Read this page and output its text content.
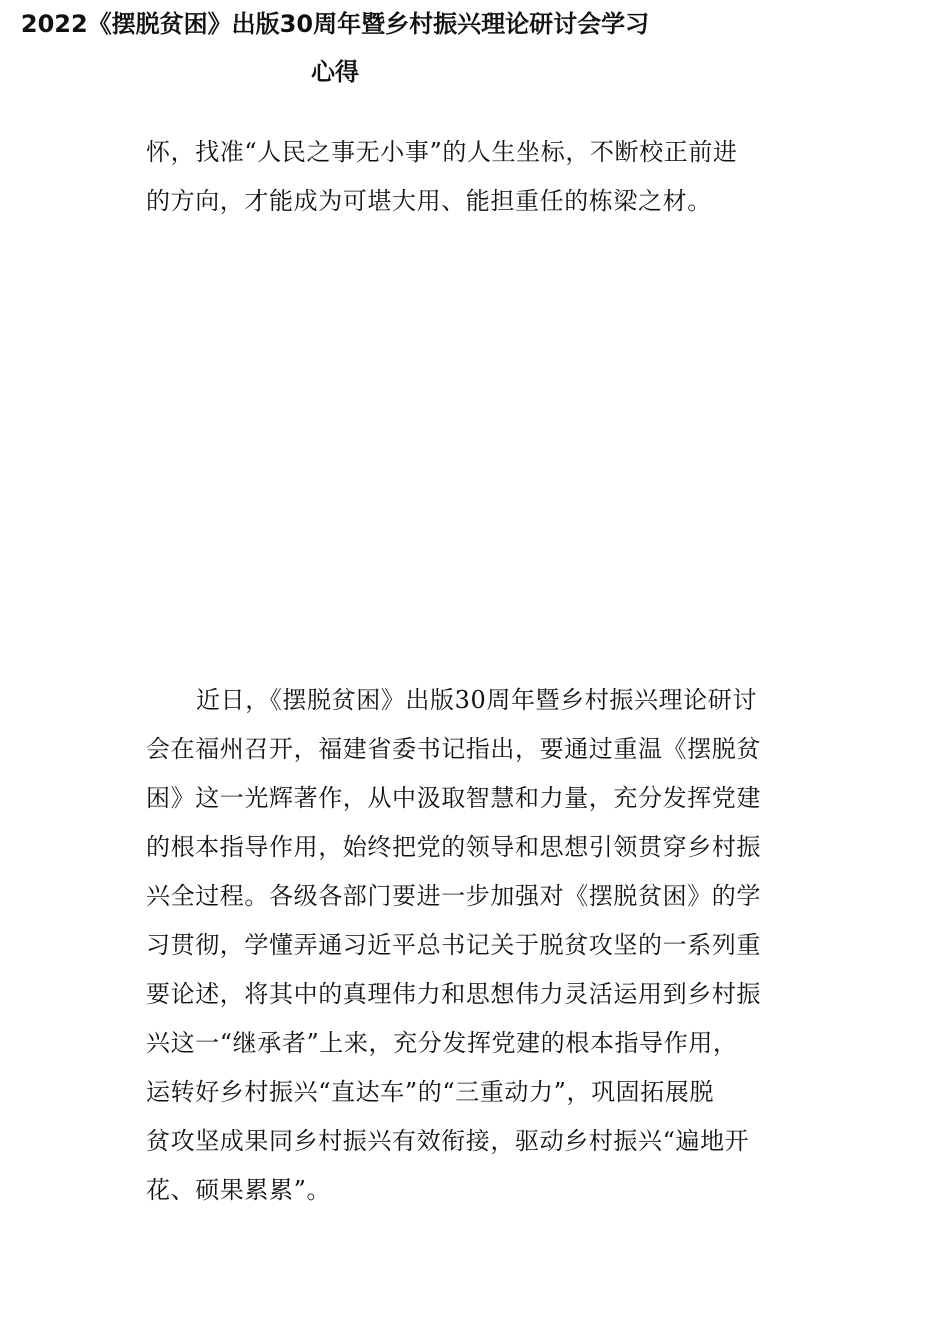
怀，找准“人民之事无小事”的人生坐标，不断校正前进
的方向，才能成为可堪大用、能担重任的栋梁之材。
2022《摆脱贫困》出版30周年暨乡村振兴理论研讨会学习
心得
近日，《摆脱贫困》出版30周年暨乡村振兴理论研讨
会在福州召开，福建省委书记指出，要通过重温《摆脱贫
困》这一光辉著作，从中汲取智慧和力量，充分发挥党建
的根本指导作用，始终把党的领导和思想引领贯穿乡村振
兴全过程。各级各部门要进一步加强对《摆脱贫困》的学
习贯彻，学懂弄通习近平总书记关于脱贫攻坚的一系列重
要论述，将其中的真理伟力和思想伟力灵活运用到乡村振
兴这一“继承者”上来，充分发挥党建的根本指导作用，
运转好乡村振兴“直达车”的“三重动力”，巩固拓展脱
贫攻坚成果同乡村振兴有效衔接，驱动乡村振兴“遍地开
花、硕果累累”。
